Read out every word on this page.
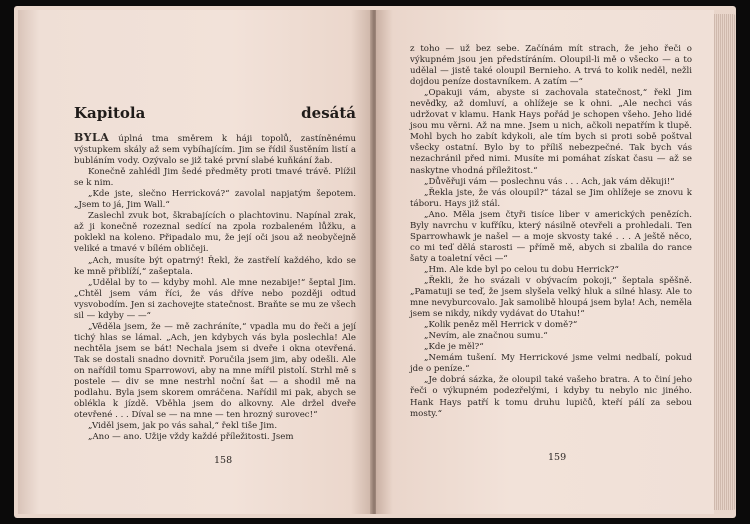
Kapitola	desátá

BYLA úplná tma směrem k háji topolů, zastíněnému výstupkem skály až sem vybíhajícím. Jim se řídil šustěním listí a bubláním vody. Ozývalo se již také první slabé kuňkání žab.

Konečně zahlédl Jim šedé předměty proti tmavé trávě. Plížil se k nim.

„Kde jste, slečno Herricková?“ zavolal napjatým šepotem. „Jsem to já, Jim Wall.“

Zaslechl zvuk bot, škrabajících o plachtovinu. Napínal zrak, až ji konečně rozeznal sedící na zpola rozbaleném lůžku, a poklekl na koleno. Připadalo mu, že její oči jsou až neobyčejně veliké a tmavé v bílém obličeji.

„Ach, musíte být opatrný! Řekl, že zastřelí každého, kdo se ke mně přiblíží,“ zašeptala.

„Udělal by to — kdyby mohl. Ale mne nezabije!“ šeptal Jim. „Chtěl jsem vám říci, že vás dříve nebo později odtud vysvobodím. Jen si zachovejte statečnost. Braňte se mu ze všech sil — kdyby — —“

„Věděla jsem, že — mě zachráníte,“ vpadla mu do řeči a její tichý hlas se lámal. „Ach, jen kdybych vás byla poslechla! Ale nechtěla jsem se bát! Nechala jsem si dveře i okna otevřená. Tak se dostali snadno dovnitř. Poručila jsem jim, aby odešli. Ale on nařídil tomu Sparrowovi, aby na mne mířil pistolí. Strhl mě s postele — div se mne nestrhl noční šat — a shodil mě na podlahu. Byla jsem skorem omráčena. Nařídil mi pak, abych se oblékla k jízdě. Vběhla jsem do alkovny. Ale držel dveře otevřené . . . Díval se — na mne — ten hrozný surovec!“

„Viděl jsem, jak po vás sahal,“ řekl tiše Jim.

„Ano — ano. Užije vždy každé příležitosti. Jsem

158

z toho — už bez sebe. Začínám mít strach, že jeho řeči o výkupném jsou jen předstíráním. Oloupil-li mě o všecko — a to udělal — jistě také oloupil Bernieho. A trvá to kolik neděl, nežli dojdou peníze dostavníkem. A zatím —“

„Opakuji vám, abyste si zachovala statečnost,“ řekl Jim nevěďky, až domluví, a ohlížeje se k ohni. „Ale nechci vás udržovat v klamu. Hank Hays pořád je schopen všeho. Jeho lidé jsou mu věrni. Až na mne. Jsem u nich, ačkoli nepatřím k tlupě. Mohl bych ho zabít kdykoli, ale tím bych si proti sobě poštval všecky ostatní. Bylo by to příliš nebezpečné. Tak bych vás nezachránil před nimi. Musíte mi pomáhat získat času — až se naskytne vhodná příležitost.“

„Důvěřuji vám — poslechnu vás . . . Ach, jak vám děkuji!“

„Řekla jste, že vás oloupil?“ tázal se Jim ohlížeje se znovu k táboru. Hays již stál.

„Ano. Měla jsem čtyři tisíce liber v amerických penězích. Byly navrchu v kufříku, který násilně otevřeli a prohledali. Ten Sparrowhawk je našel — a moje skvosty také . . . A ještě něco, co mi teď dělá starosti — přímě mě, abych si zbalila do rance šaty a toaletní věci —“

„Hm. Ale kde byl po celou tu dobu Herrick?“

„Řekli, že ho svázali v obývacím pokoji,“ šeptala spěšně. „Pamatuji se teď, že jsem slyšela velký hluk a silné hlasy. Ale to mne nevyburcovalo. Jak samolibě hloupá jsem byla! Ach, neměla jsem se nikdy, nikdy vydávat do Utahu!“

„Kolik peněz měl Herrick v domě?“

„Nevím, ale značnou sumu.“

„Kde je měl?“

„Nemám tušení. My Herrickové jsme velmi nedbalí, pokud jde o peníze.“

„Je dobrá sázka, že oloupil také vašeho bratra. A to činí jeho řeči o výkupném podezřelými, i kdyby tu nebylo nic jiného. Hank Hays patří k tomu druhu lupičů, kteří pálí za sebou mosty.“

159
